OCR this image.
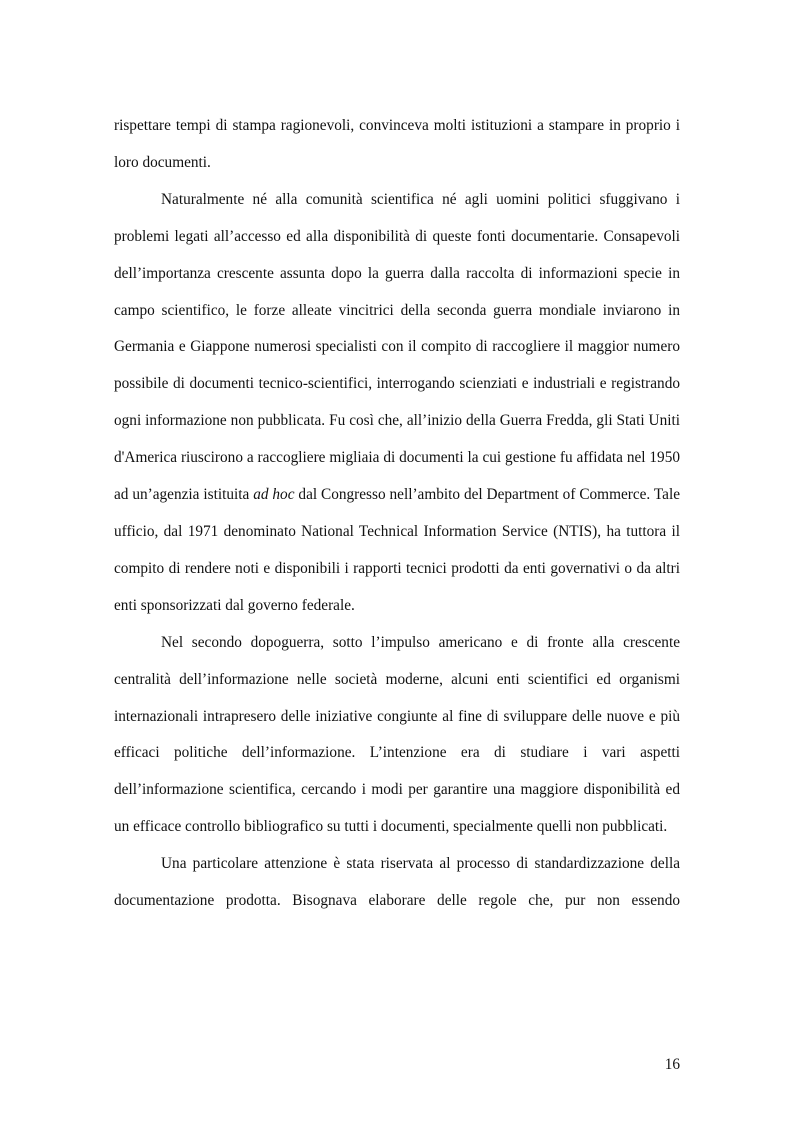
rispettare tempi di stampa ragionevoli, convinceva molti istituzioni a stampare in proprio i loro documenti.

Naturalmente né alla comunità scientifica né agli uomini politici sfuggivano i problemi legati all’accesso ed alla disponibilità di queste fonti documentarie. Consapevoli dell’importanza crescente assunta dopo la guerra dalla raccolta di informazioni specie in campo scientifico, le forze alleate vincitrici della seconda guerra mondiale inviarono in Germania e Giappone numerosi specialisti con il compito di raccogliere il maggior numero possibile di documenti tecnico-scientifici, interrogando scienziati e industriali e registrando ogni informazione non pubblicata. Fu così che, all’inizio della Guerra Fredda, gli Stati Uniti d'America riuscirono a raccogliere migliaia di documenti la cui gestione fu affidata nel 1950 ad un’agenzia istituita ad hoc dal Congresso nell’ambito del Department of Commerce. Tale ufficio, dal 1971 denominato National Technical Information Service (NTIS), ha tuttora il compito di rendere noti e disponibili i rapporti tecnici prodotti da enti governativi o da altri enti sponsorizzati dal governo federale.

Nel secondo dopoguerra, sotto l’impulso americano e di fronte alla crescente centralità dell’informazione nelle società moderne, alcuni enti scientifici ed organismi internazionali intrapresero delle iniziative congiunte al fine di sviluppare delle nuove e più efficaci politiche dell’informazione. L’intenzione era di studiare i vari aspetti dell’informazione scientifica, cercando i modi per garantire una maggiore disponibilità ed un efficace controllo bibliografico su tutti i documenti, specialmente quelli non pubblicati.

Una particolare attenzione è stata riservata al processo di standardizzazione della documentazione prodotta. Bisognava elaborare delle regole che, pur non essendo

16
